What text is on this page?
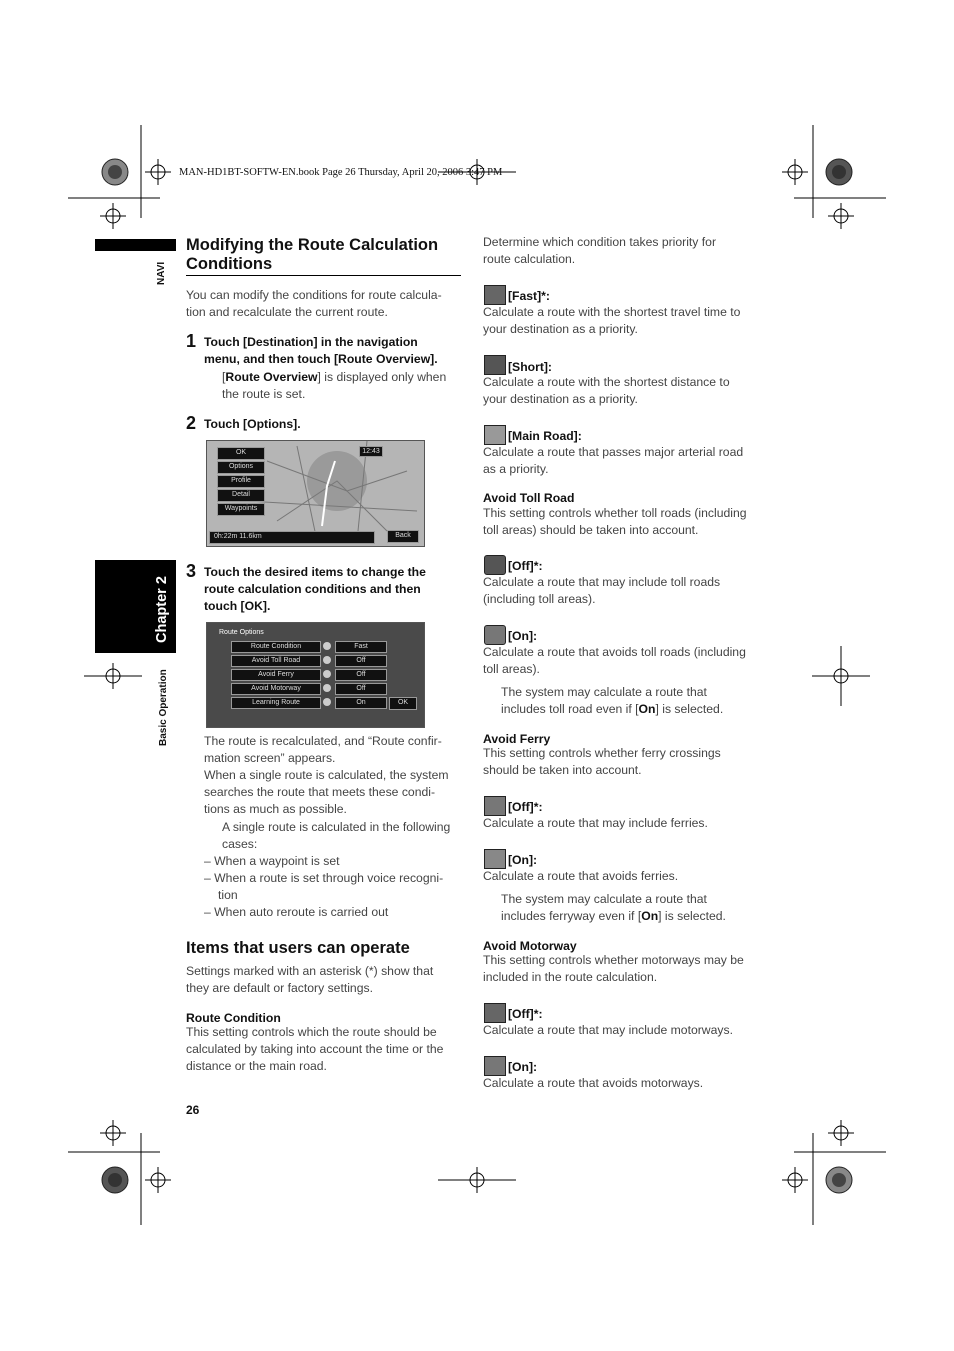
MAN-HD1BT-SOFTW-EN.book Page 26 Thursday, April 20, 2006 3:47 PM
NAVI
Chapter 2
Basic Operation
Modifying the Route Calculation
Conditions
You can modify the conditions for route calcula-
tion and recalculate the current route.
1 Touch [Destination] in the navigation
menu, and then touch [Route Overview].
[Route Overview] is displayed only when
the route is set.
2 Touch [Options].
OK
Options
Profile
Detail
Waypoints
12:43
0h:22m 11.6km	Back
3 Touch the desired items to change the
route calculation conditions and then
touch [OK].
Route Options
Route Condition	Fast
Avoid Toll Road	Off
Avoid Ferry	Off
Avoid Motorway	Off
Learning Route	On	OK
The route is recalculated, and “Route confir-
mation screen” appears.
When a single route is calculated, the system
searches the route that meets these condi-
tions as much as possible.
A single route is calculated in the following
cases:
– When a waypoint is set
– When a route is set through voice recogni-
tion
– When auto reroute is carried out
Items that users can operate
Settings marked with an asterisk (*) show that
they are default or factory settings.
Route Condition
This setting controls which the route should be
calculated by taking into account the time or the
distance or the main road.
26
Determine which condition takes priority for
route calculation.
[Fast]*:
Calculate a route with the shortest travel time to
your destination as a priority.
[Short]:
Calculate a route with the shortest distance to
your destination as a priority.
[Main Road]:
Calculate a route that passes major arterial road
as a priority.
Avoid Toll Road
This setting controls whether toll roads (including
toll areas) should be taken into account.
[Off]*:
Calculate a route that may include toll roads
(including toll areas).
[On]:
Calculate a route that avoids toll roads (including
toll areas).
The system may calculate a route that
includes toll road even if [On] is selected.
Avoid Ferry
This setting controls whether ferry crossings
should be taken into account.
[Off]*:
Calculate a route that may include ferries.
[On]:
Calculate a route that avoids ferries.
The system may calculate a route that
includes ferryway even if [On] is selected.
Avoid Motorway
This setting controls whether motorways may be
included in the route calculation.
[Off]*:
Calculate a route that may include motorways.
[On]:
Calculate a route that avoids motorways.
